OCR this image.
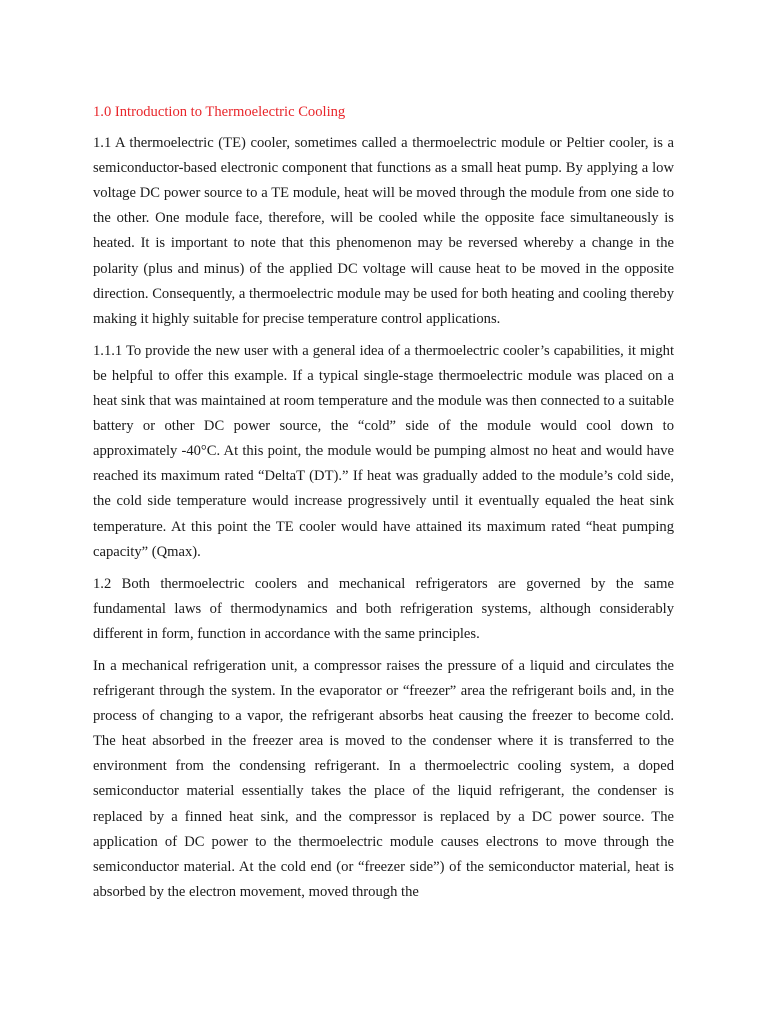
1.0 Introduction to Thermoelectric Cooling

1.1 A thermoelectric (TE) cooler, sometimes called a thermoelectric module or Peltier cooler, is a semiconductor-based electronic component that functions as a small heat pump. By applying a low voltage DC power source to a TE module, heat will be moved through the module from one side to the other. One module face, therefore, will be cooled while the opposite face simultaneously is heated. It is important to note that this phenomenon may be reversed whereby a change in the polarity (plus and minus) of the applied DC voltage will cause heat to be moved in the opposite direction. Consequently, a thermoelectric module may be used for both heating and cooling thereby making it highly suitable for precise temperature control applications.

1.1.1 To provide the new user with a general idea of a thermoelectric cooler’s capabilities, it might be helpful to offer this example. If a typical single-stage thermoelectric module was placed on a heat sink that was maintained at room temperature and the module was then connected to a suitable battery or other DC power source, the “cold” side of the module would cool down to approximately -40°C. At this point, the module would be pumping almost no heat and would have reached its maximum rated “DeltaT (DT).” If heat was gradually added to the module’s cold side, the cold side temperature would increase progressively until it eventually equaled the heat sink temperature. At this point the TE cooler would have attained its maximum rated “heat pumping capacity” (Qmax).

1.2 Both thermoelectric coolers and mechanical refrigerators are governed by the same fundamental laws of thermodynamics and both refrigeration systems, although considerably different in form, function in accordance with the same principles.

In a mechanical refrigeration unit, a compressor raises the pressure of a liquid and circulates the refrigerant through the system. In the evaporator or “freezer” area the refrigerant boils and, in the process of changing to a vapor, the refrigerant absorbs heat causing the freezer to become cold. The heat absorbed in the freezer area is moved to the condenser where it is transferred to the environment from the condensing refrigerant. In a thermoelectric cooling system, a doped semiconductor material essentially takes the place of the liquid refrigerant, the condenser is replaced by a finned heat sink, and the compressor is replaced by a DC power source. The application of DC power to the thermoelectric module causes electrons to move through the semiconductor material. At the cold end (or “freezer side”) of the semiconductor material, heat is absorbed by the electron movement, moved through the
